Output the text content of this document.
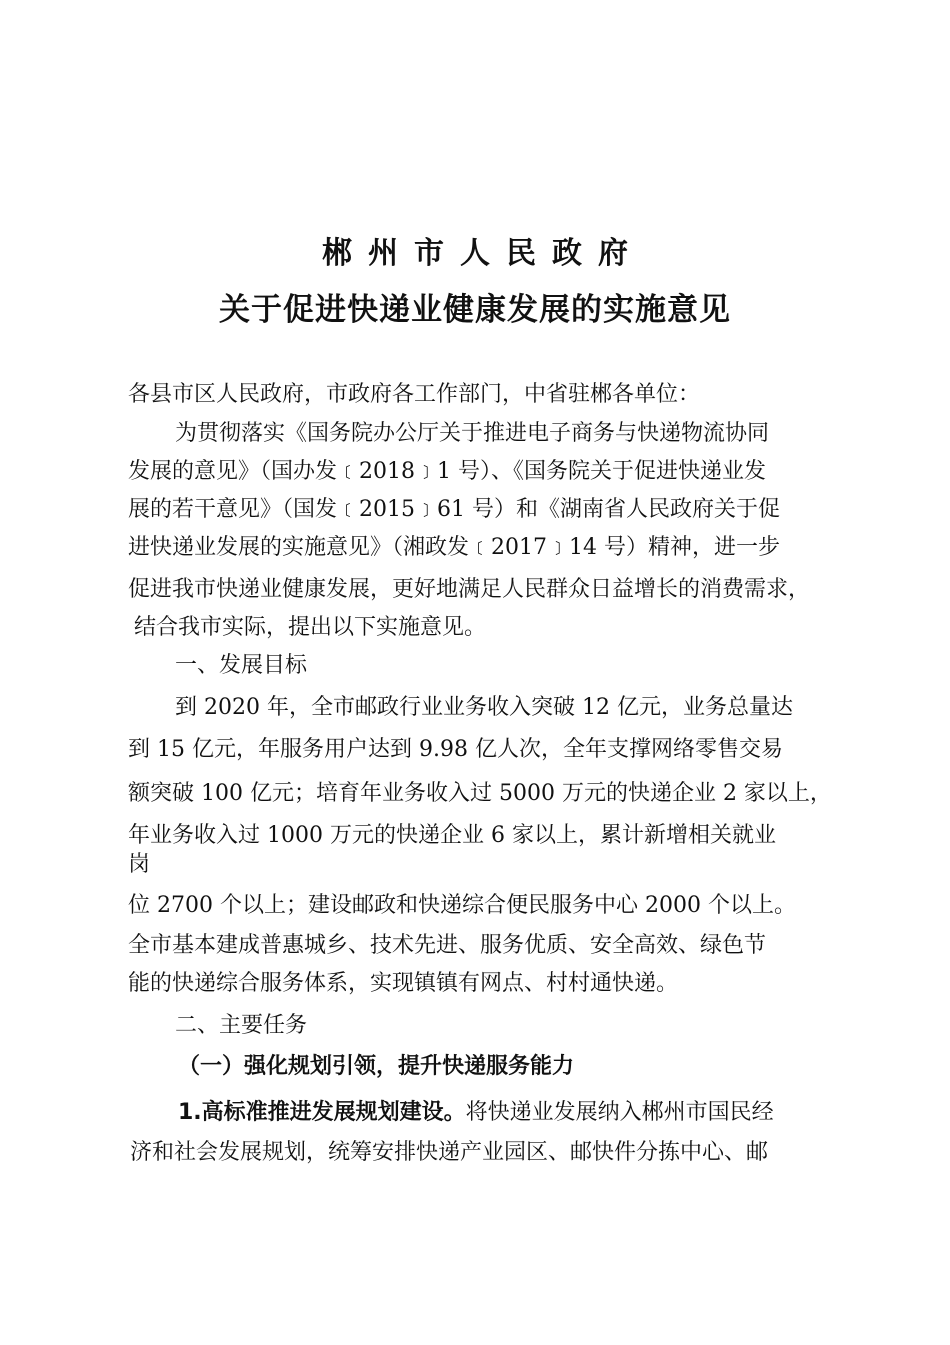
郴州市人民政府
关于促进快递业健康发展的实施意见
各县市区人民政府，市政府各工作部门，中省驻郴各单位：
为贯彻落实《国务院办公厅关于推进电子商务与快递物流协同
发展的意见》（国办发﹝2018﹞1 号）、《国务院关于促进快递业发
展的若干意见》（国发﹝2015﹞61 号）和《湖南省人民政府关于促
进快递业发展的实施意见》（湘政发﹝2017﹞14 号）精神，进一步
促进我市快递业健康发展，更好地满足人民群众日益增长的消费需求，
结合我市实际，提出以下实施意见。
一、发展目标
到 2020 年，全市邮政行业业务收入突破 12 亿元，业务总量达
到 15 亿元，年服务用户达到 9.98 亿人次，全年支撑网络零售交易
额突破 100 亿元；培育年业务收入过 5000 万元的快递企业 2 家以上，
年业务收入过 1000 万元的快递企业 6 家以上，累计新增相关就业
岗
位 2700 个以上；建设邮政和快递综合便民服务中心 2000 个以上。
全市基本建成普惠城乡、技术先进、服务优质、安全高效、绿色节
能的快递综合服务体系，实现镇镇有网点、村村通快递。
二、主要任务
（一）强化规划引领，提升快递服务能力
1.高标准推进发展规划建设。将快递业发展纳入郴州市国民经
济和社会发展规划，统筹安排快递产业园区、邮快件分拣中心、邮
